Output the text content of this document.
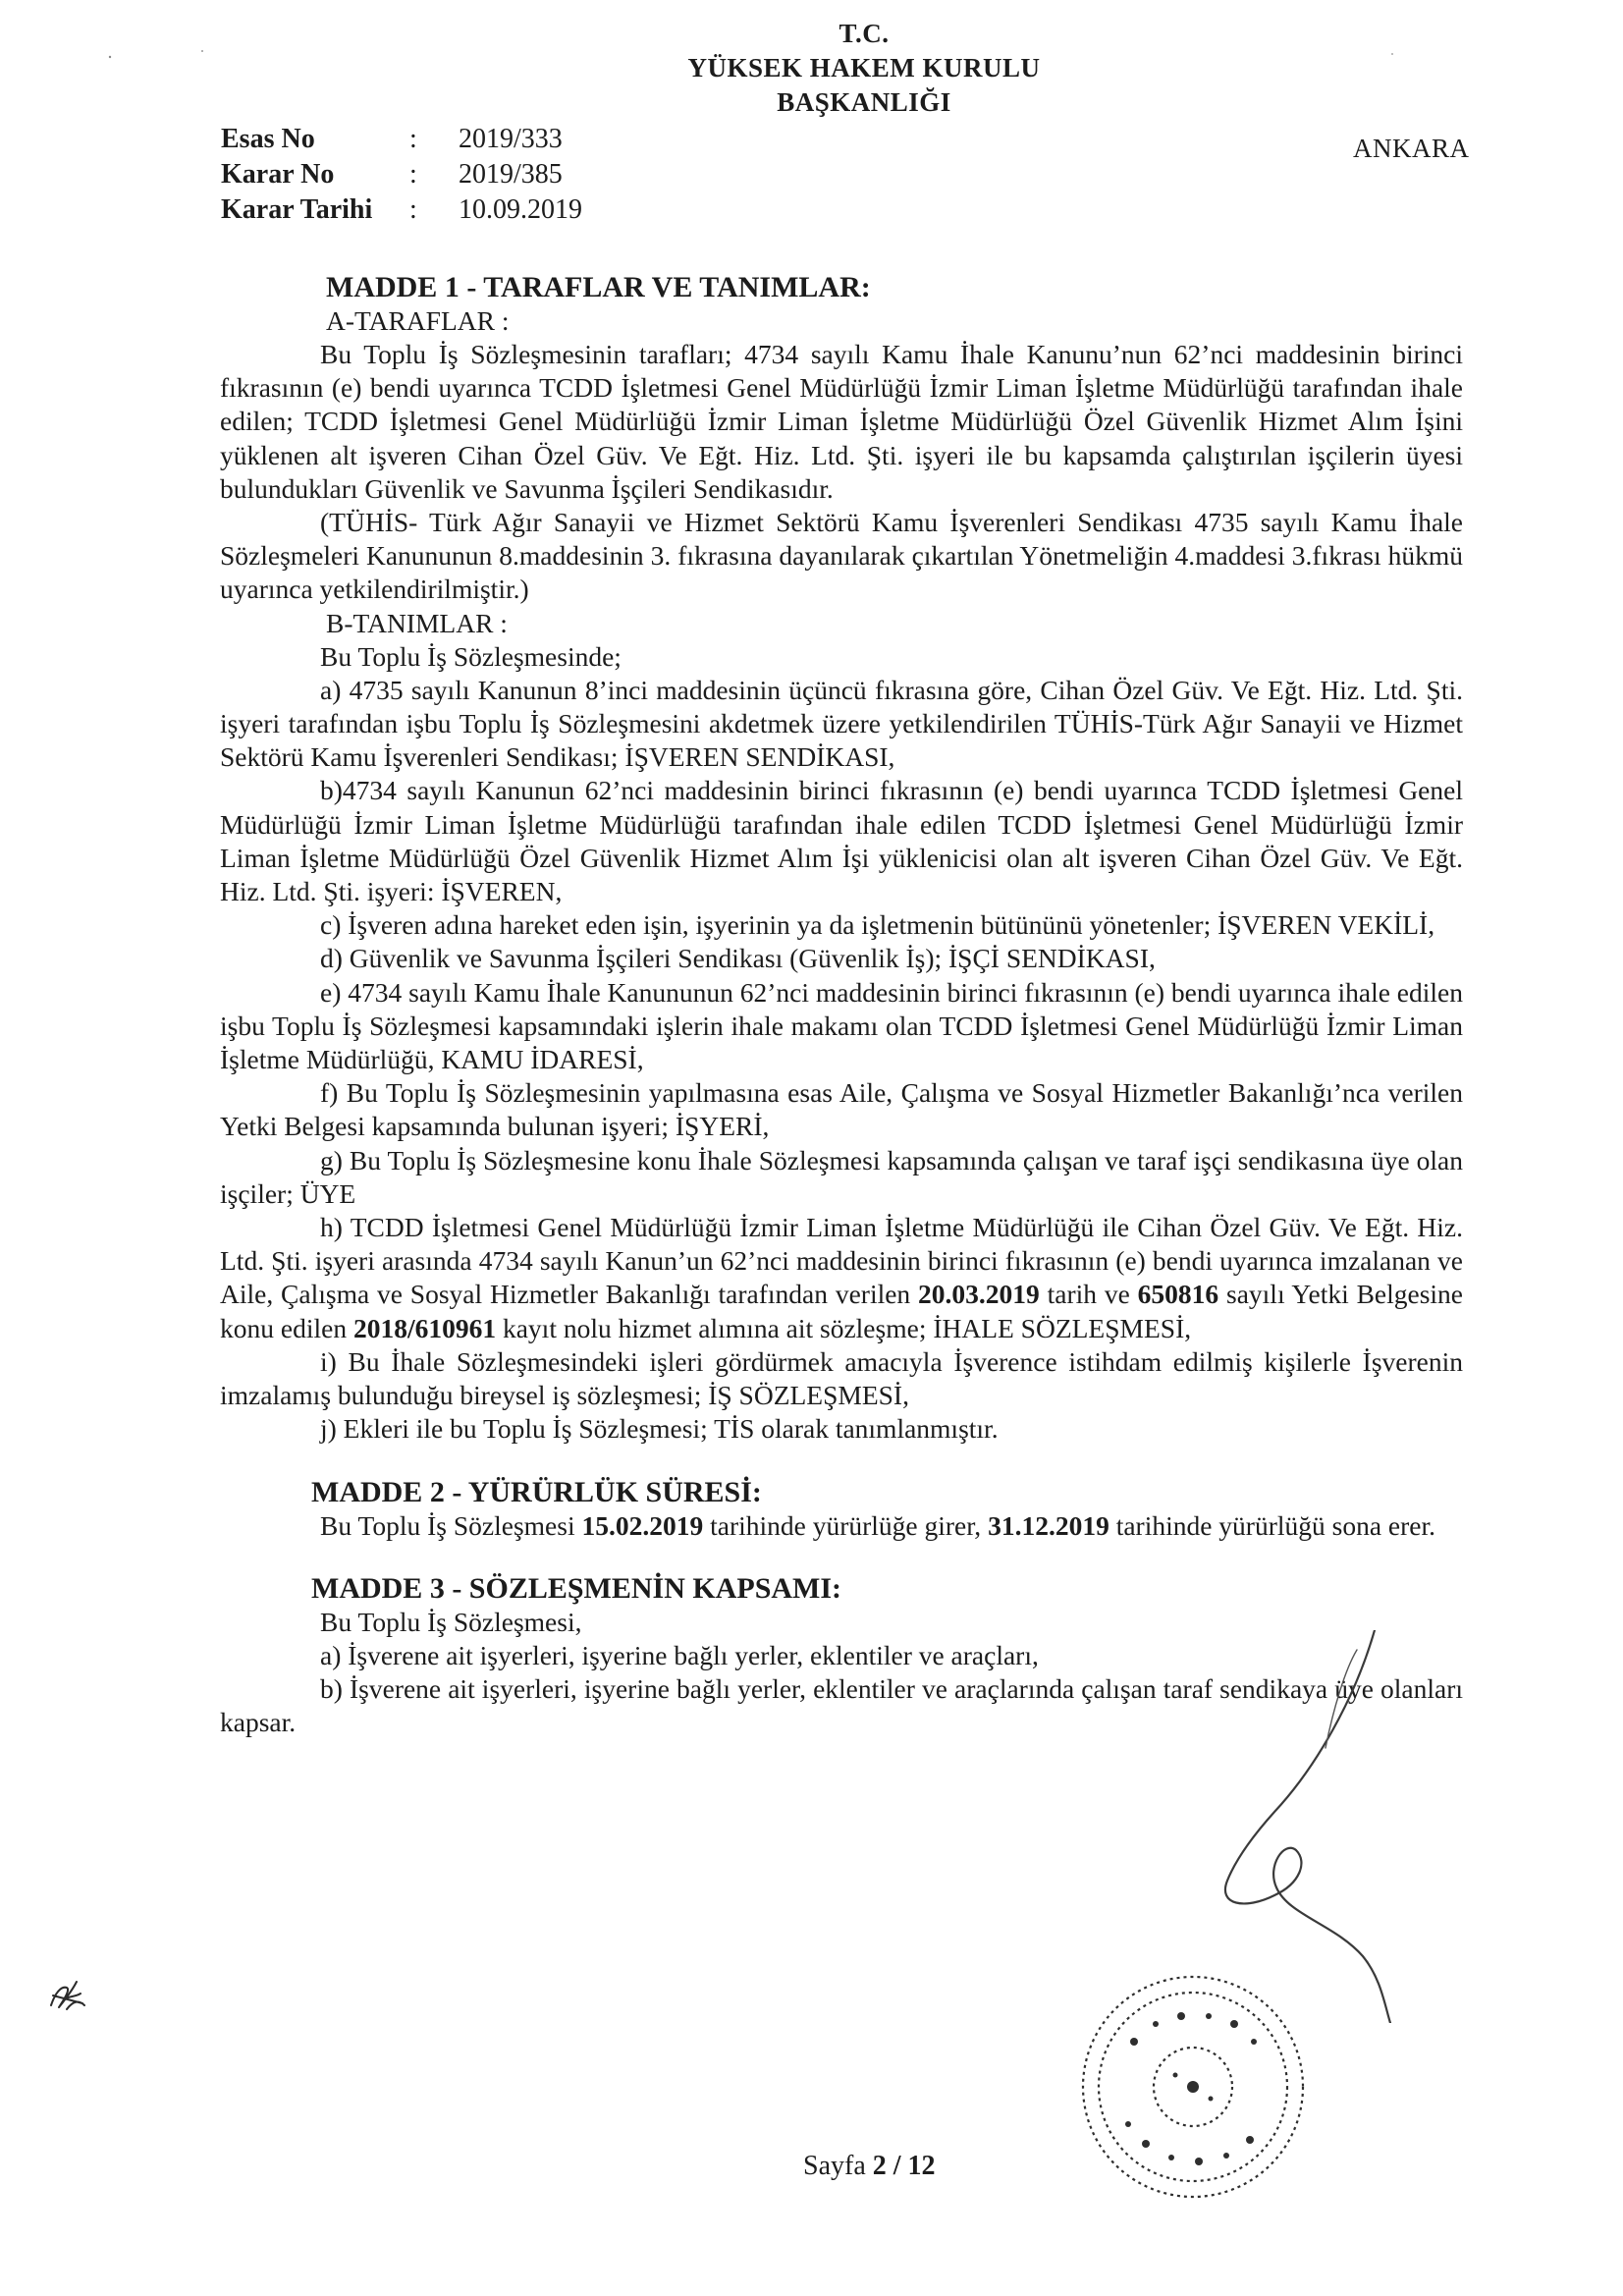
T.C.
YÜKSEK HAKEM KURULU
BAŞKANLIĞI
Esas No	: 2019/333
Karar No	: 2019/385
Karar Tarihi : 10.09.2019
ANKARA
MADDE 1 - TARAFLAR VE TANIMLAR:
A-TARAFLAR :

Bu Toplu İş Sözleşmesinin tarafları; 4734 sayılı Kamu İhale Kanunu’nun 62’nci maddesinin birinci fıkrasının (e) bendi uyarınca TCDD İşletmesi Genel Müdürlüğü İzmir Liman İşletme Müdürlüğü tarafından ihale edilen; TCDD İşletmesi Genel Müdürlüğü İzmir Liman İşletme Müdürlüğü Özel Güvenlik Hizmet Alım İşini yüklenen alt işveren Cihan Özel Güv. Ve Eğt. Hiz. Ltd. Şti. işyeri ile bu kapsamda çalıştırılan işçilerin üyesi bulundukları Güvenlik ve Savunma İşçileri Sendikasıdır.

(TÜHİS- Türk Ağır Sanayii ve Hizmet Sektörü Kamu İşverenleri Sendikası 4735 sayılı Kamu İhale Sözleşmeleri Kanununun 8.maddesinin 3. fıkrasına dayanılarak çıkartılan Yönetmeliğin 4.maddesi 3.fıkrası hükmü uyarınca yetkilendirilmiştir.)

B-TANIMLAR :

Bu Toplu İş Sözleşmesinde;

a) 4735 sayılı Kanunun 8’inci maddesinin üçüncü fıkrasına göre, Cihan Özel Güv. Ve Eğt. Hiz. Ltd. Şti. işyeri tarafından işbu Toplu İş Sözleşmesini akdetmek üzere yetkilendirilen TÜHİS-Türk Ağır Sanayii ve Hizmet Sektörü Kamu İşverenleri Sendikası; İŞVEREN SENDİKASI,

b)4734 sayılı Kanunun 62’nci maddesinin birinci fıkrasının (e) bendi uyarınca TCDD İşletmesi Genel Müdürlüğü İzmir Liman İşletme Müdürlüğü tarafından ihale edilen TCDD İşletmesi Genel Müdürlüğü İzmir Liman İşletme Müdürlüğü Özel Güvenlik Hizmet Alım İşi yüklenicisi olan alt işveren Cihan Özel Güv. Ve Eğt. Hiz. Ltd. Şti. işyeri: İŞVEREN,

c) İşveren adına hareket eden işin, işyerinin ya da işletmenin bütününü yönetenler; İŞVEREN VEKİLİ,

d) Güvenlik ve Savunma İşçileri Sendikası (Güvenlik İş); İŞÇİ SENDİKASI,

e) 4734 sayılı Kamu İhale Kanununun 62’nci maddesinin birinci fıkrasının (e) bendi uyarınca ihale edilen işbu Toplu İş Sözleşmesi kapsamındaki işlerin ihale makamı olan TCDD İşletmesi Genel Müdürlüğü İzmir Liman İşletme Müdürlüğü, KAMU İDARESİ,

f) Bu Toplu İş Sözleşmesinin yapılmasına esas Aile, Çalışma ve Sosyal Hizmetler Bakanlığı’nca verilen Yetki Belgesi kapsamında bulunan işyeri; İŞYERİ,

g) Bu Toplu İş Sözleşmesine konu İhale Sözleşmesi kapsamında çalışan ve taraf işçi sendikasına üye olan işçiler; ÜYE

h) TCDD İşletmesi Genel Müdürlüğü İzmir Liman İşletme Müdürlüğü ile Cihan Özel Güv. Ve Eğt. Hiz. Ltd. Şti. işyeri arasında 4734 sayılı Kanun’un 62’nci maddesinin birinci fıkrasının (e) bendi uyarınca imzalanan ve Aile, Çalışma ve Sosyal Hizmetler Bakanlığı tarafından verilen 20.03.2019 tarih ve 650816 sayılı Yetki Belgesine konu edilen 2018/610961 kayıt nolu hizmet alımına ait sözleşme; İHALE SÖZLEŞMESİ,

i) Bu İhale Sözleşmesindeki işleri gördürmek amacıyla İşverence istihdam edilmiş kişilerle İşverenin imzalamış bulunduğu bireysel iş sözleşmesi; İŞ SÖZLEŞMESİ,

j) Ekleri ile bu Toplu İş Sözleşmesi; TİS olarak tanımlanmıştır.

MADDE 2 - YÜRÜRLÜK SÜRESİ:

Bu Toplu İş Sözleşmesi 15.02.2019 tarihinde yürürlüğe girer, 31.12.2019 tarihinde yürürlüğü sona erer.

MADDE 3 - SÖZLEŞMENİN KAPSAMI:

Bu Toplu İş Sözleşmesi,

a) İşverene ait işyerleri, işyerine bağlı yerler, eklentiler ve araçları,

b) İşverene ait işyerleri, işyerine bağlı yerler, eklentiler ve araçlarında çalışan taraf sendikaya üye olanları kapsar.

Sayfa 2 / 12
